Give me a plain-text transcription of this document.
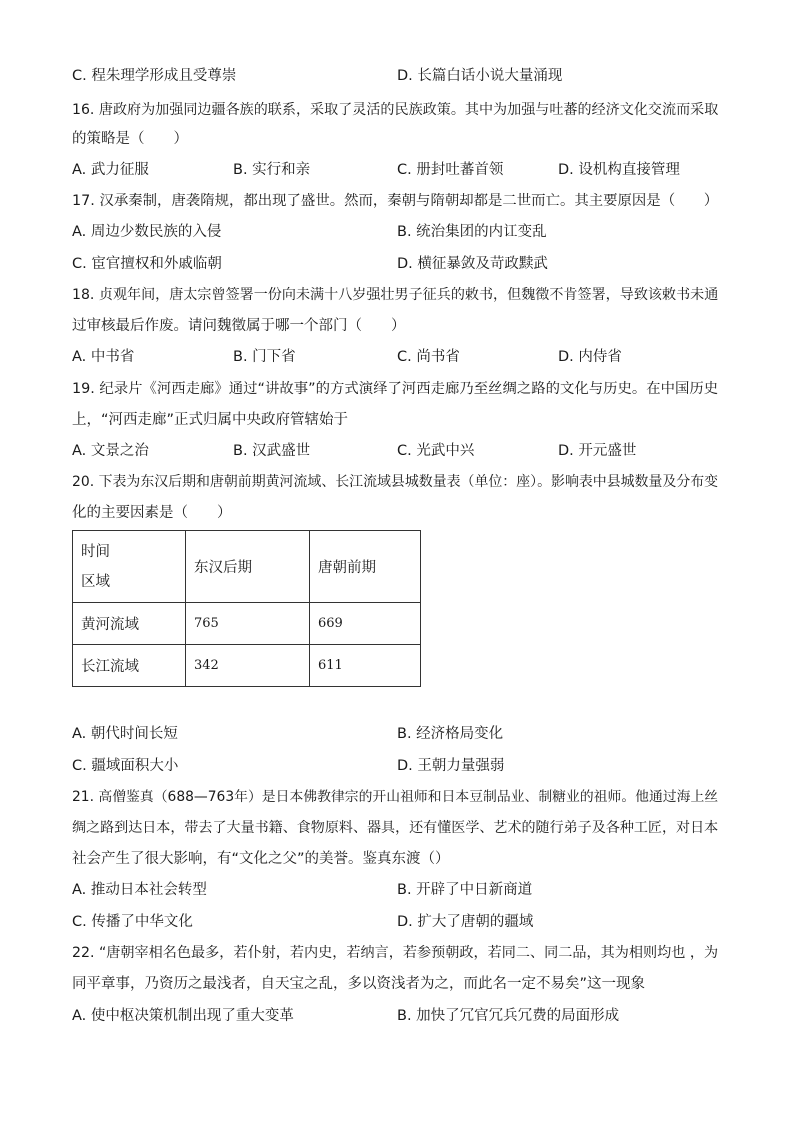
C. 程朱理学形成且受尊崇	D. 长篇白话小说大量涌现
16. 唐政府为加强同边疆各族的联系，采取了灵活的民族政策。其中为加强与吐蕃的经济文化交流而采取
的策略是（　　）
A. 武力征服	B. 实行和亲	C. 册封吐蕃首领	D. 设机构直接管理
17. 汉承秦制，唐袭隋规，都出现了盛世。然而，秦朝与隋朝却都是二世而亡。其主要原因是（　　）
A. 周边少数民族的入侵	B. 统治集团的内讧变乱
C. 宦官擅权和外戚临朝	D. 横征暴敛及苛政黩武
18. 贞观年间，唐太宗曾签署一份向未满十八岁强壮男子征兵的敕书，但魏徵不肯签署，导致该敕书未通
过审核最后作废。请问魏徵属于哪一个部门（　　）
A. 中书省	B. 门下省	C. 尚书省	D. 内侍省
19. 纪录片《河西走廊》通过“讲故事”的方式演绎了河西走廊乃至丝绸之路的文化与历史。在中国历史
上，“河西走廊”正式归属中央政府管辖始于
A. 文景之治	B. 汉武盛世	C. 光武中兴	D. 开元盛世
20. 下表为东汉后期和唐朝前期黄河流域、长江流域县城数量表（单位：座）。影响表中县城数量及分布变
化的主要因素是（　　）
时间
区域	东汉后期	唐朝前期
黄河流域	765	669
长江流域	342	611
A. 朝代时间长短	B. 经济格局变化
C. 疆域面积大小	D. 王朝力量强弱
21. 高僧鉴真（688—763年）是日本佛教律宗的开山祖师和日本豆制品业、制糖业的祖师。他通过海上丝
绸之路到达日本，带去了大量书籍、食物原料、器具，还有懂医学、艺术的随行弟子及各种工匠，对日本
社会产生了很大影响，有“文化之父”的美誉。鉴真东渡（）
A. 推动日本社会转型	B. 开辟了中日新商道
C. 传播了中华文化	D. 扩大了唐朝的疆域
22. “唐朝宰相名色最多，若仆射，若内史，若纳言，若参预朝政，若同二、同二品，其为相则均也 ，为
同平章事，乃资历之最浅者，自天宝之乱，多以资浅者为之，而此名一定不易矣”这一现象
A. 使中枢决策机制出现了重大变革	B. 加快了冗官冗兵冗费的局面形成
